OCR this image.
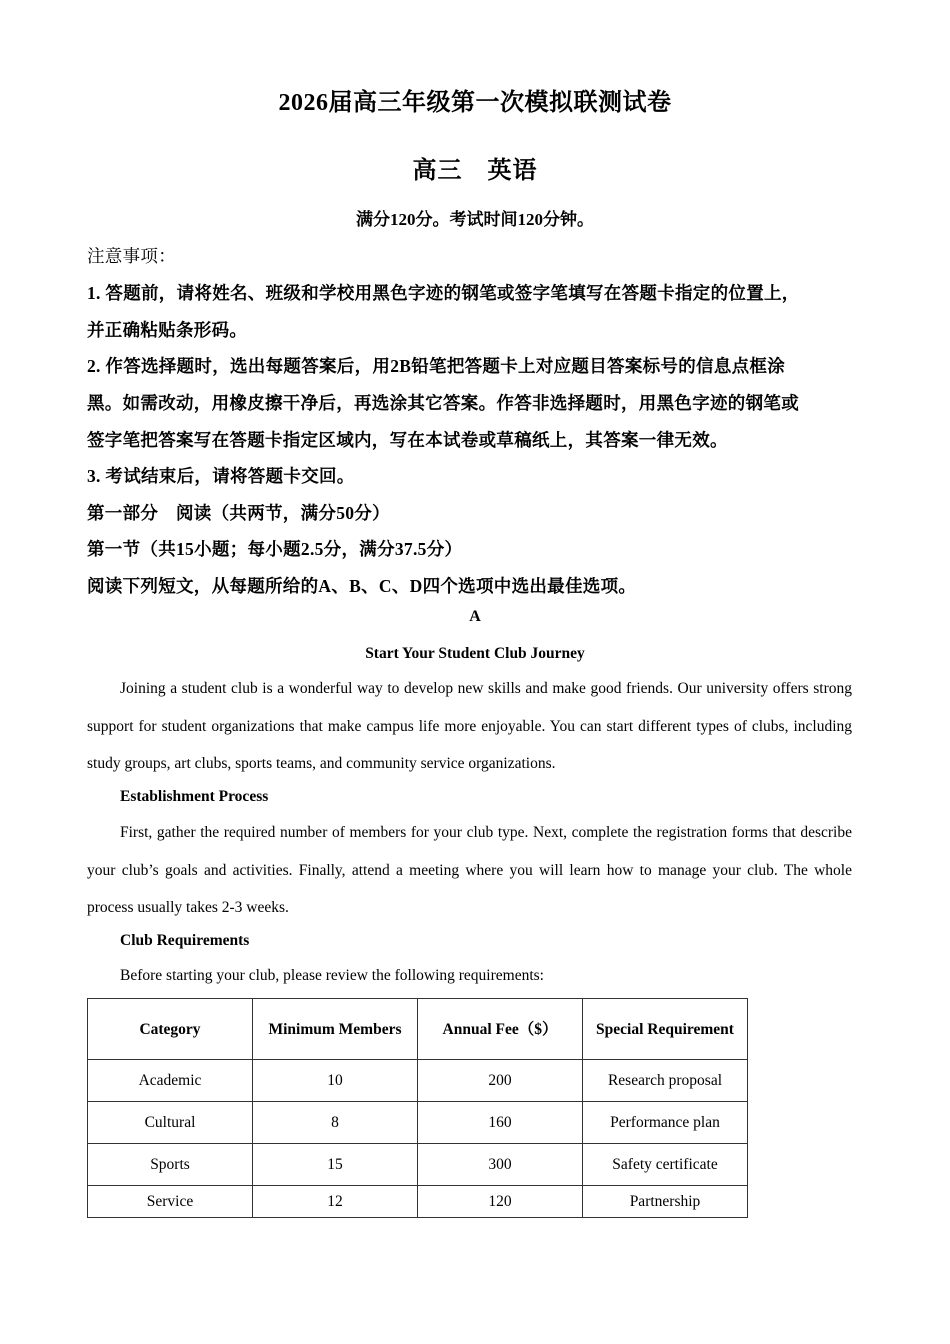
2026届高三年级第一次模拟联测试卷
高三　英语
满分120分。考试时间120分钟。
注意事项：
1. 答题前，请将姓名、班级和学校用黑色字迹的钢笔或签字笔填写在答题卡指定的位置上，
并正确粘贴条形码。
2. 作答选择题时，选出每题答案后，用2B铅笔把答题卡上对应题目答案标号的信息点框涂
黑。如需改动，用橡皮擦干净后，再选涂其它答案。作答非选择题时，用黑色字迹的钢笔或
签字笔把答案写在答题卡指定区域内，写在本试卷或草稿纸上，其答案一律无效。
3. 考试结束后，请将答题卡交回。
第一部分　阅读（共两节，满分50分）
第一节（共15小题；每小题2.5分，满分37.5分）
阅读下列短文，从每题所给的A、B、C、D四个选项中选出最佳选项。
A
Start Your Student Club Journey

Joining a student club is a wonderful way to develop new skills and make good friends. Our university offers strong support for student organizations that make campus life more enjoyable. You can start different types of clubs, including study groups, art clubs, sports teams, and community service organizations.

Establishment Process

First, gather the required number of members for your club type. Next, complete the registration forms that describe your club’s goals and activities. Finally, attend a meeting where you will learn how to manage your club. The whole process usually takes 2-3 weeks.

Club Requirements
Before starting your club, please review the following requirements:
Category	Minimum Members	Annual Fee（$）	Special Requirement
Academic	10	200	Research proposal
Cultural	8	160	Performance plan
Sports	15	300	Safety certificate
Service	12	120	Partnership
